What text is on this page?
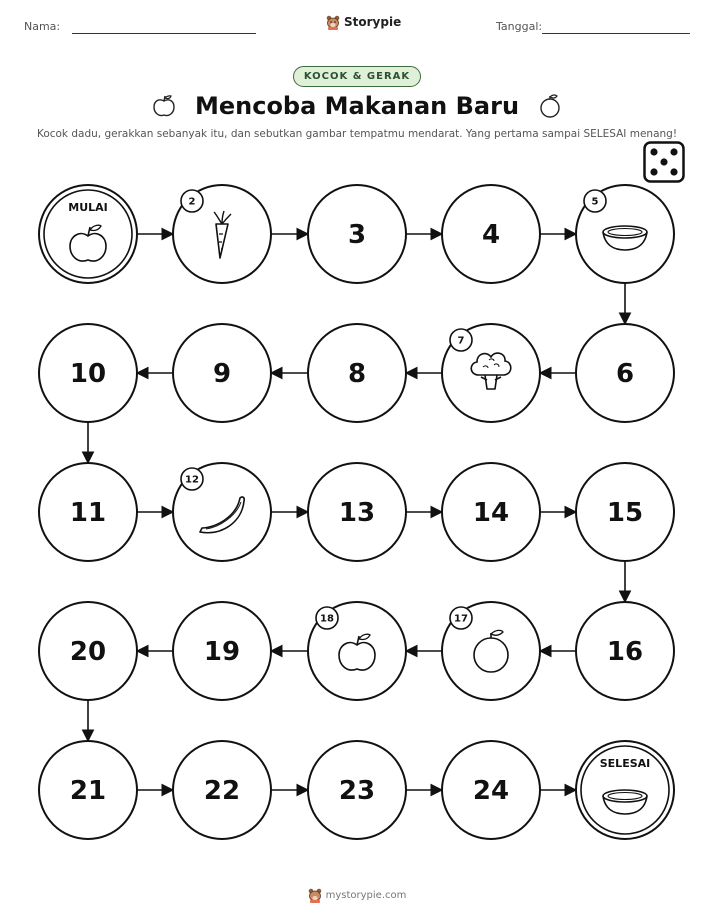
Nama:	Storypie	Tanggal:
KOCOK & GERAK
Mencoba Makanan Baru
Kocok dadu, gerakkan sebanyak itu, dan sebutkan gambar tempatmu mendarat. Yang pertama sampai SELESAI menang!
MULAI	2
3	4
5
6
7
8
9
10
11
12
13	14	15
16
17
18
19
20
21	22	23	24
SELESAI
mystorypie.com
